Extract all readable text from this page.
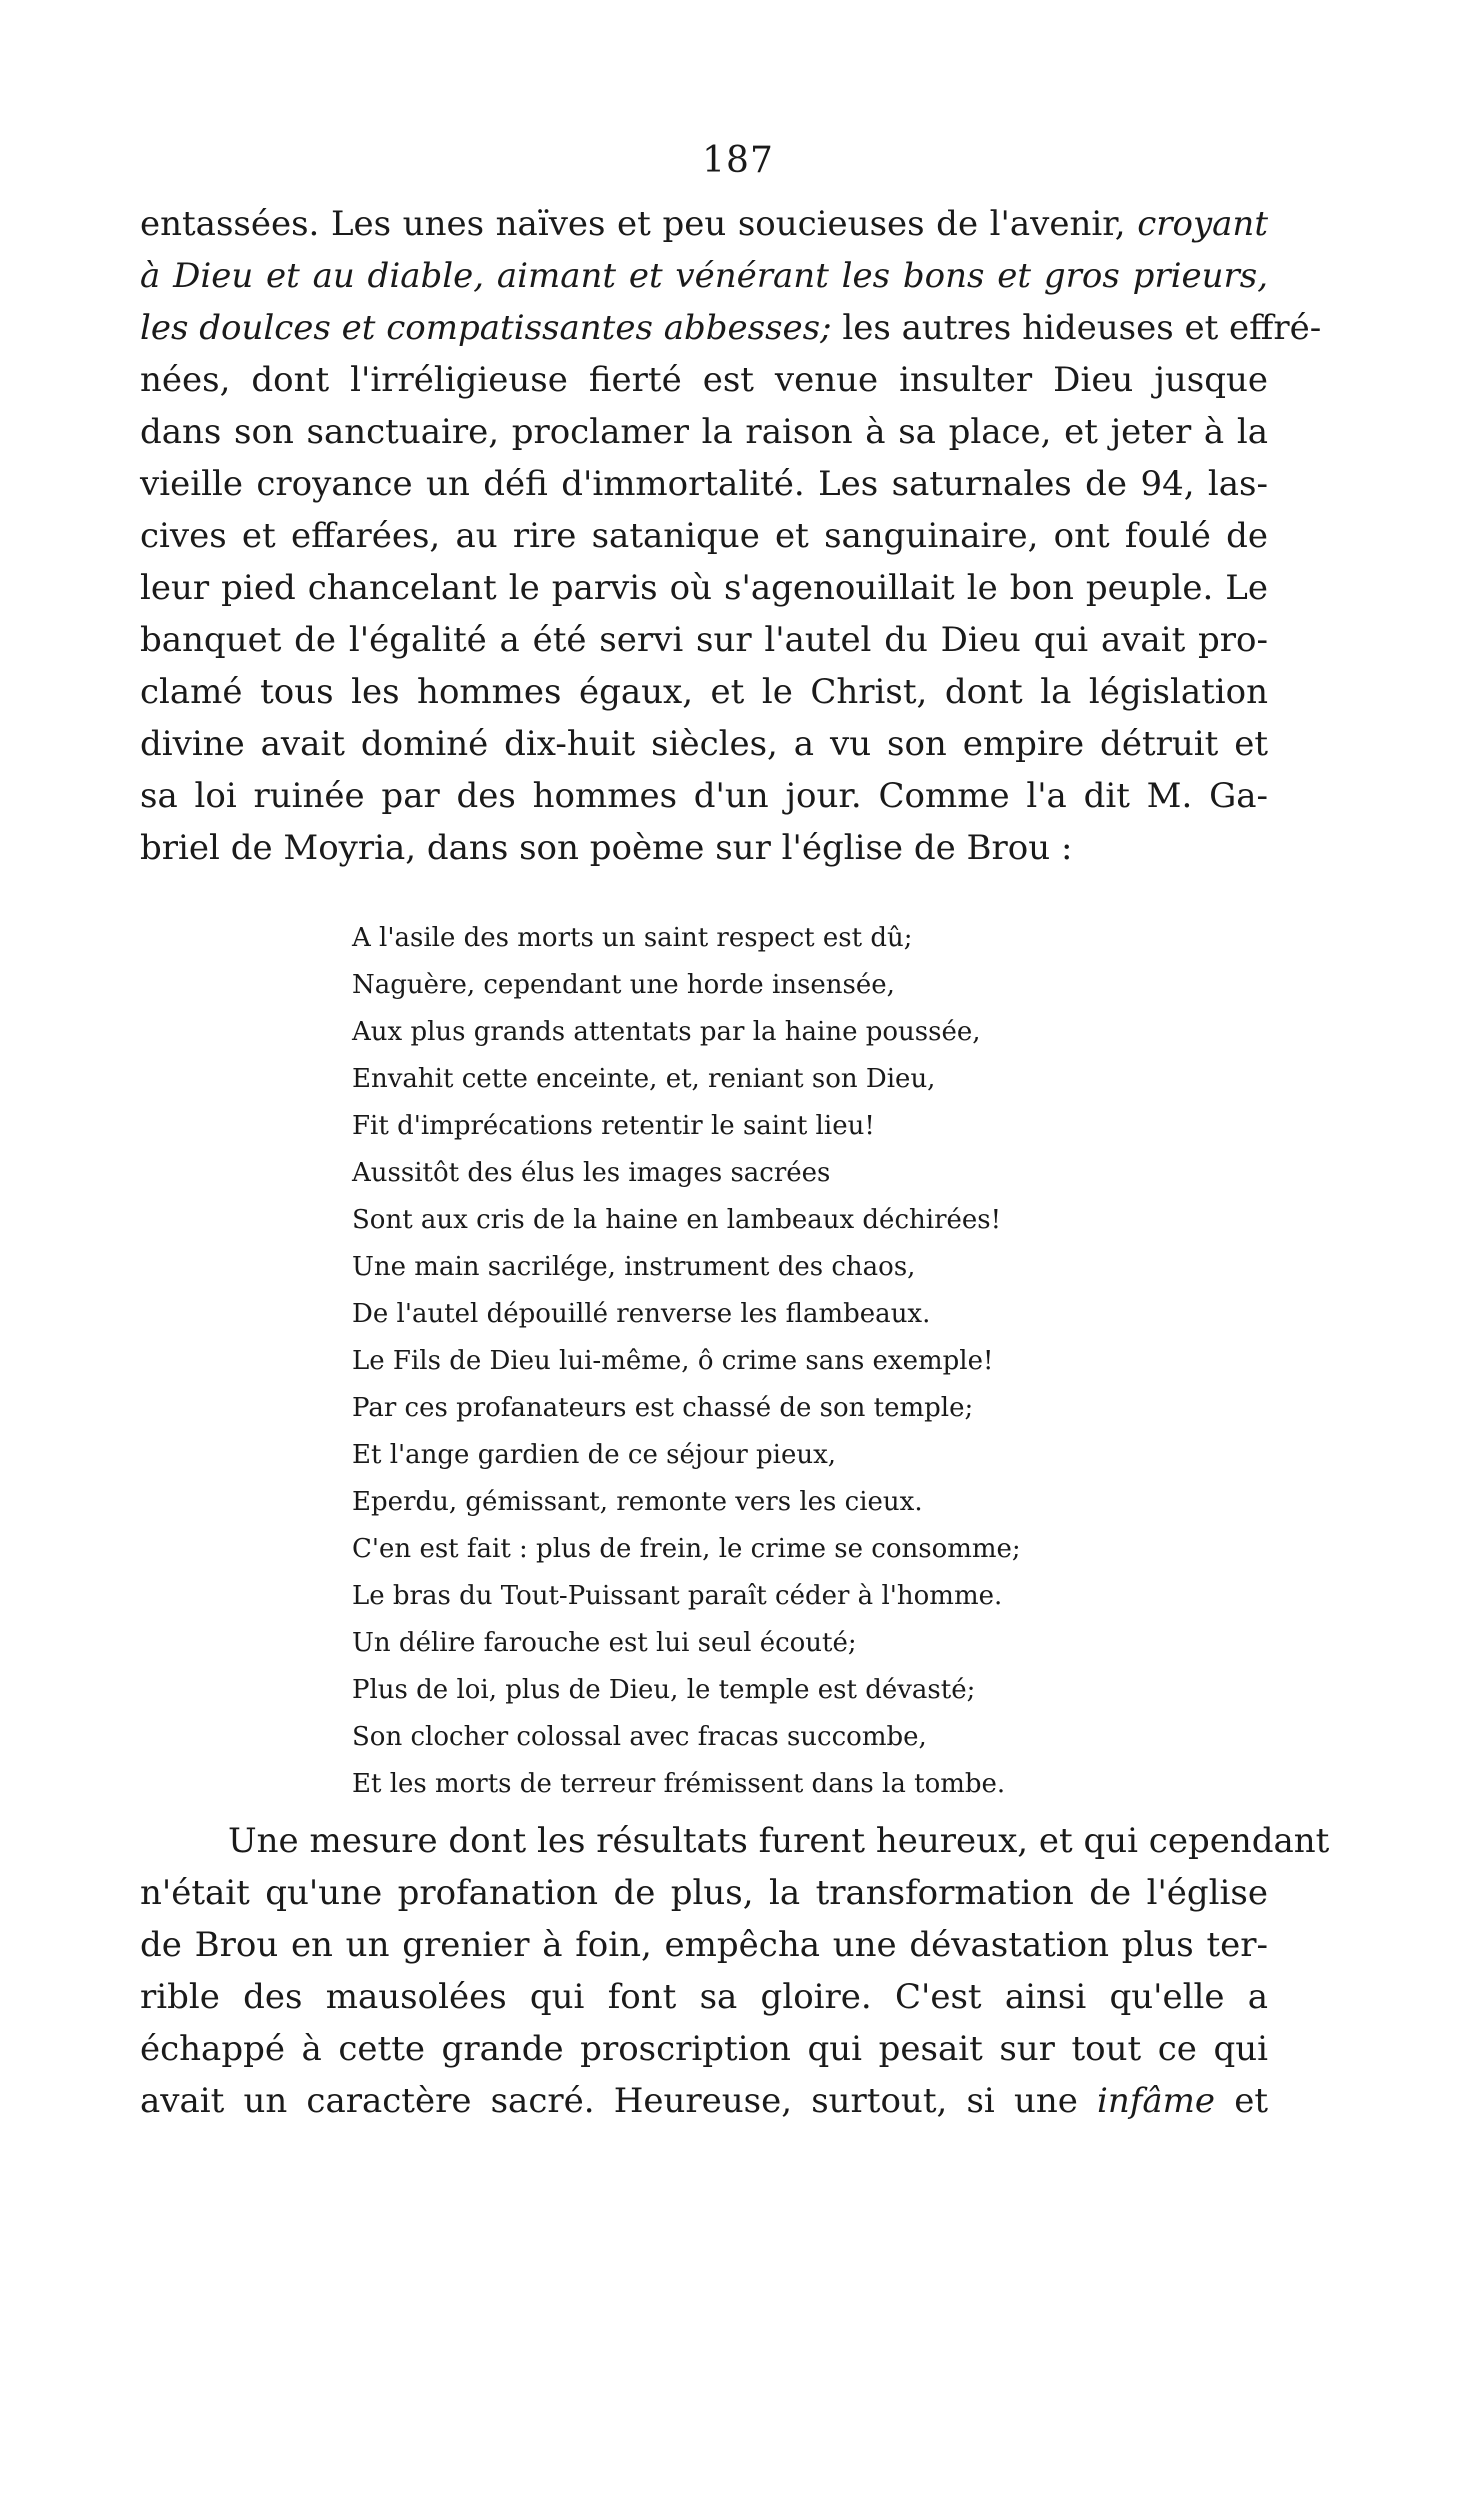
187
entassées. Les unes naïves et peu soucieuses de l'avenir, croyant
à Dieu et au diable, aimant et vénérant les bons et gros prieurs,
les doulces et compatissantes abbesses; les autres hideuses et effré-
nées, dont l'irréligieuse fierté est venue insulter Dieu jusque
dans son sanctuaire, proclamer la raison à sa place, et jeter à la
vieille croyance un défi d'immortalité. Les saturnales de 94, las-
cives et effarées, au rire satanique et sanguinaire, ont foulé de
leur pied chancelant le parvis où s'agenouillait le bon peuple. Le
banquet de l'égalité a été servi sur l'autel du Dieu qui avait pro-
clamé tous les hommes égaux, et le Christ, dont la législation
divine avait dominé dix-huit siècles, a vu son empire détruit et
sa loi ruinée par des hommes d'un jour. Comme l'a dit M. Ga-
briel de Moyria, dans son poème sur l'église de Brou :
A l'asile des morts un saint respect est dû;
Naguère, cependant une horde insensée,
Aux plus grands attentats par la haine poussée,
Envahit cette enceinte, et, reniant son Dieu,
Fit d'imprécations retentir le saint lieu!
Aussitôt des élus les images sacrées
Sont aux cris de la haine en lambeaux déchirées!
Une main sacrilége, instrument des chaos,
De l'autel dépouillé renverse les flambeaux.
Le Fils de Dieu lui-même, ô crime sans exemple!
Par ces profanateurs est chassé de son temple;
Et l'ange gardien de ce séjour pieux,
Eperdu, gémissant, remonte vers les cieux.
C'en est fait : plus de frein, le crime se consomme;
Le bras du Tout-Puissant paraît céder à l'homme.
Un délire farouche est lui seul écouté;
Plus de loi, plus de Dieu, le temple est dévasté;
Son clocher colossal avec fracas succombe,
Et les morts de terreur frémissent dans la tombe.
Une mesure dont les résultats furent heureux, et qui cependant
n'était qu'une profanation de plus, la transformation de l'église
de Brou en un grenier à foin, empêcha une dévastation plus ter-
rible des mausolées qui font sa gloire. C'est ainsi qu'elle a
échappé à cette grande proscription qui pesait sur tout ce qui
avait un caractère sacré. Heureuse, surtout, si une infâme et
